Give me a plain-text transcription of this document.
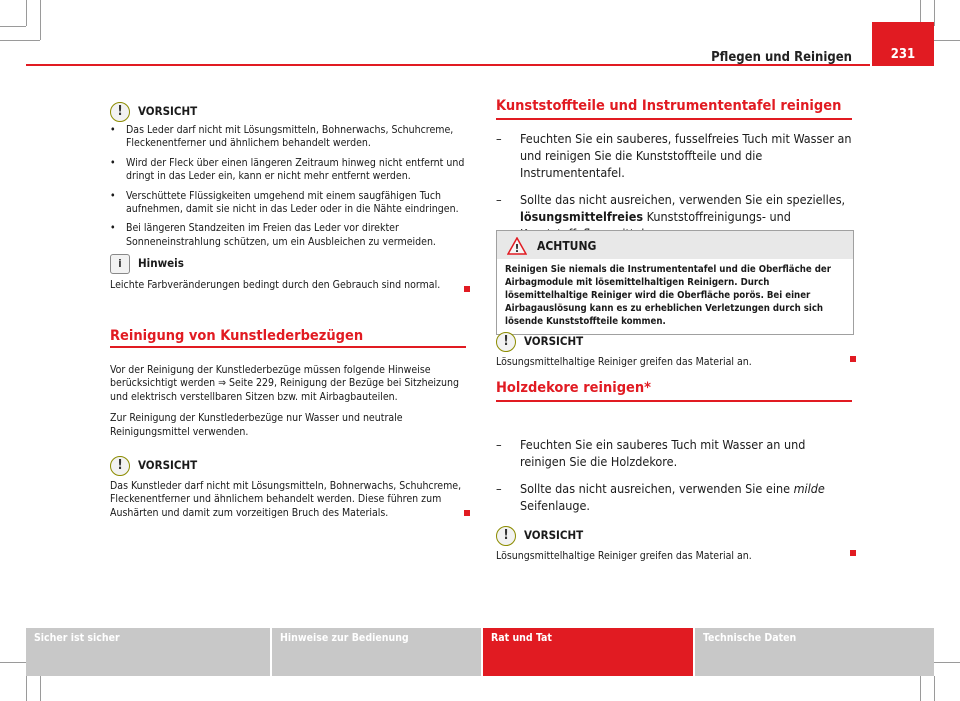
Pflegen und Reinigen	231
!	VORSICHT
• Das Leder darf nicht mit Lösungsmitteln, Bohnerwachs, Schuhcreme, Fleckenentferner und ähnlichem behandelt werden.

• Wird der Fleck über einen längeren Zeitraum hinweg nicht entfernt und dringt in das Leder ein, kann er nicht mehr entfernt werden.

• Verschüttete Flüssigkeiten umgehend mit einem saugfähigen Tuch aufnehmen, damit sie nicht in das Leder oder in die Nähte eindringen.

• Bei längeren Standzeiten im Freien das Leder vor direkter Sonneneinstrahlung schützen, um ein Ausbleichen zu vermeiden.

i	Hinweis

Leichte Farbveränderungen bedingt durch den Gebrauch sind normal.

Reinigung von Kunstlederbezügen

Vor der Reinigung der Kunstlederbezüge müssen folgende Hinweise berücksichtigt werden ⇒ Seite 229, Reinigung der Bezüge bei Sitzheizung und elektrisch verstellbaren Sitzen bzw. mit Airbagbauteilen.

Zur Reinigung der Kunstlederbezüge nur Wasser und neutrale Reinigungsmittel verwenden.

!	VORSICHT

Das Kunstleder darf nicht mit Lösungsmitteln, Bohnerwachs, Schuhcreme, Fleckenentferner und ähnlichem behandelt werden. Diese führen zum Aushärten und damit zum vorzeitigen Bruch des Materials.

Kunststoffteile und Instrumententafel reinigen
–	Feuchten Sie ein sauberes, fusselfreies Tuch mit Wasser an und reinigen Sie die Kunststoffteile und die Instrumententafel.

–	Sollte das nicht ausreichen, verwenden Sie ein spezielles, lösungsmittelfreies Kunststoffreinigungs- und

! ACHTUNG

Reinigen Sie niemals die Instrumententafel und die Oberfläche der Airbagmodule mit lösemittelhaltigen Reinigern. Durch lösemittelhaltige Reiniger wird die Oberfläche porös. Bei einer Airbagauslösung kann es zu erheblichen Verletzungen durch sich lösende Kunststoffteile kommen.

!	VORSICHT

Lösungsmittelhaltige Reiniger greifen das Material an.

Holzdekore reinigen*
–	Feuchten Sie ein sauberes Tuch mit Wasser an und reinigen Sie die Holzdekore.

–	Sollte das nicht ausreichen, verwenden Sie eine milde Seifenlauge.

!	VORSICHT

Lösungsmittelhaltige Reiniger greifen das Material an.

Sicher ist sicher	Hinweise zur Bedienung	Rat und Tat	Technische Daten
